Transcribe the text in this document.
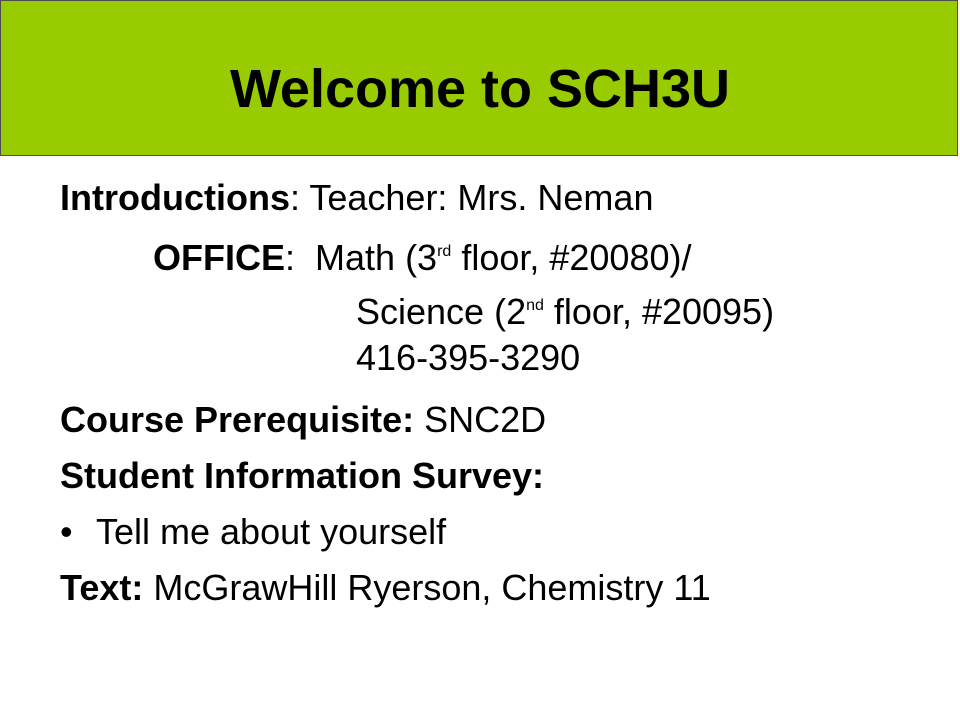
Welcome to SCH3U
Introductions: Teacher: Mrs. Neman
OFFICE: Math (3rd floor, #20080)/
Science (2nd floor, #20095)
416-395-3290
Course Prerequisite: SNC2D
Student Information Survey:
• Tell me about yourself
Text: McGrawHill Ryerson, Chemistry 11
